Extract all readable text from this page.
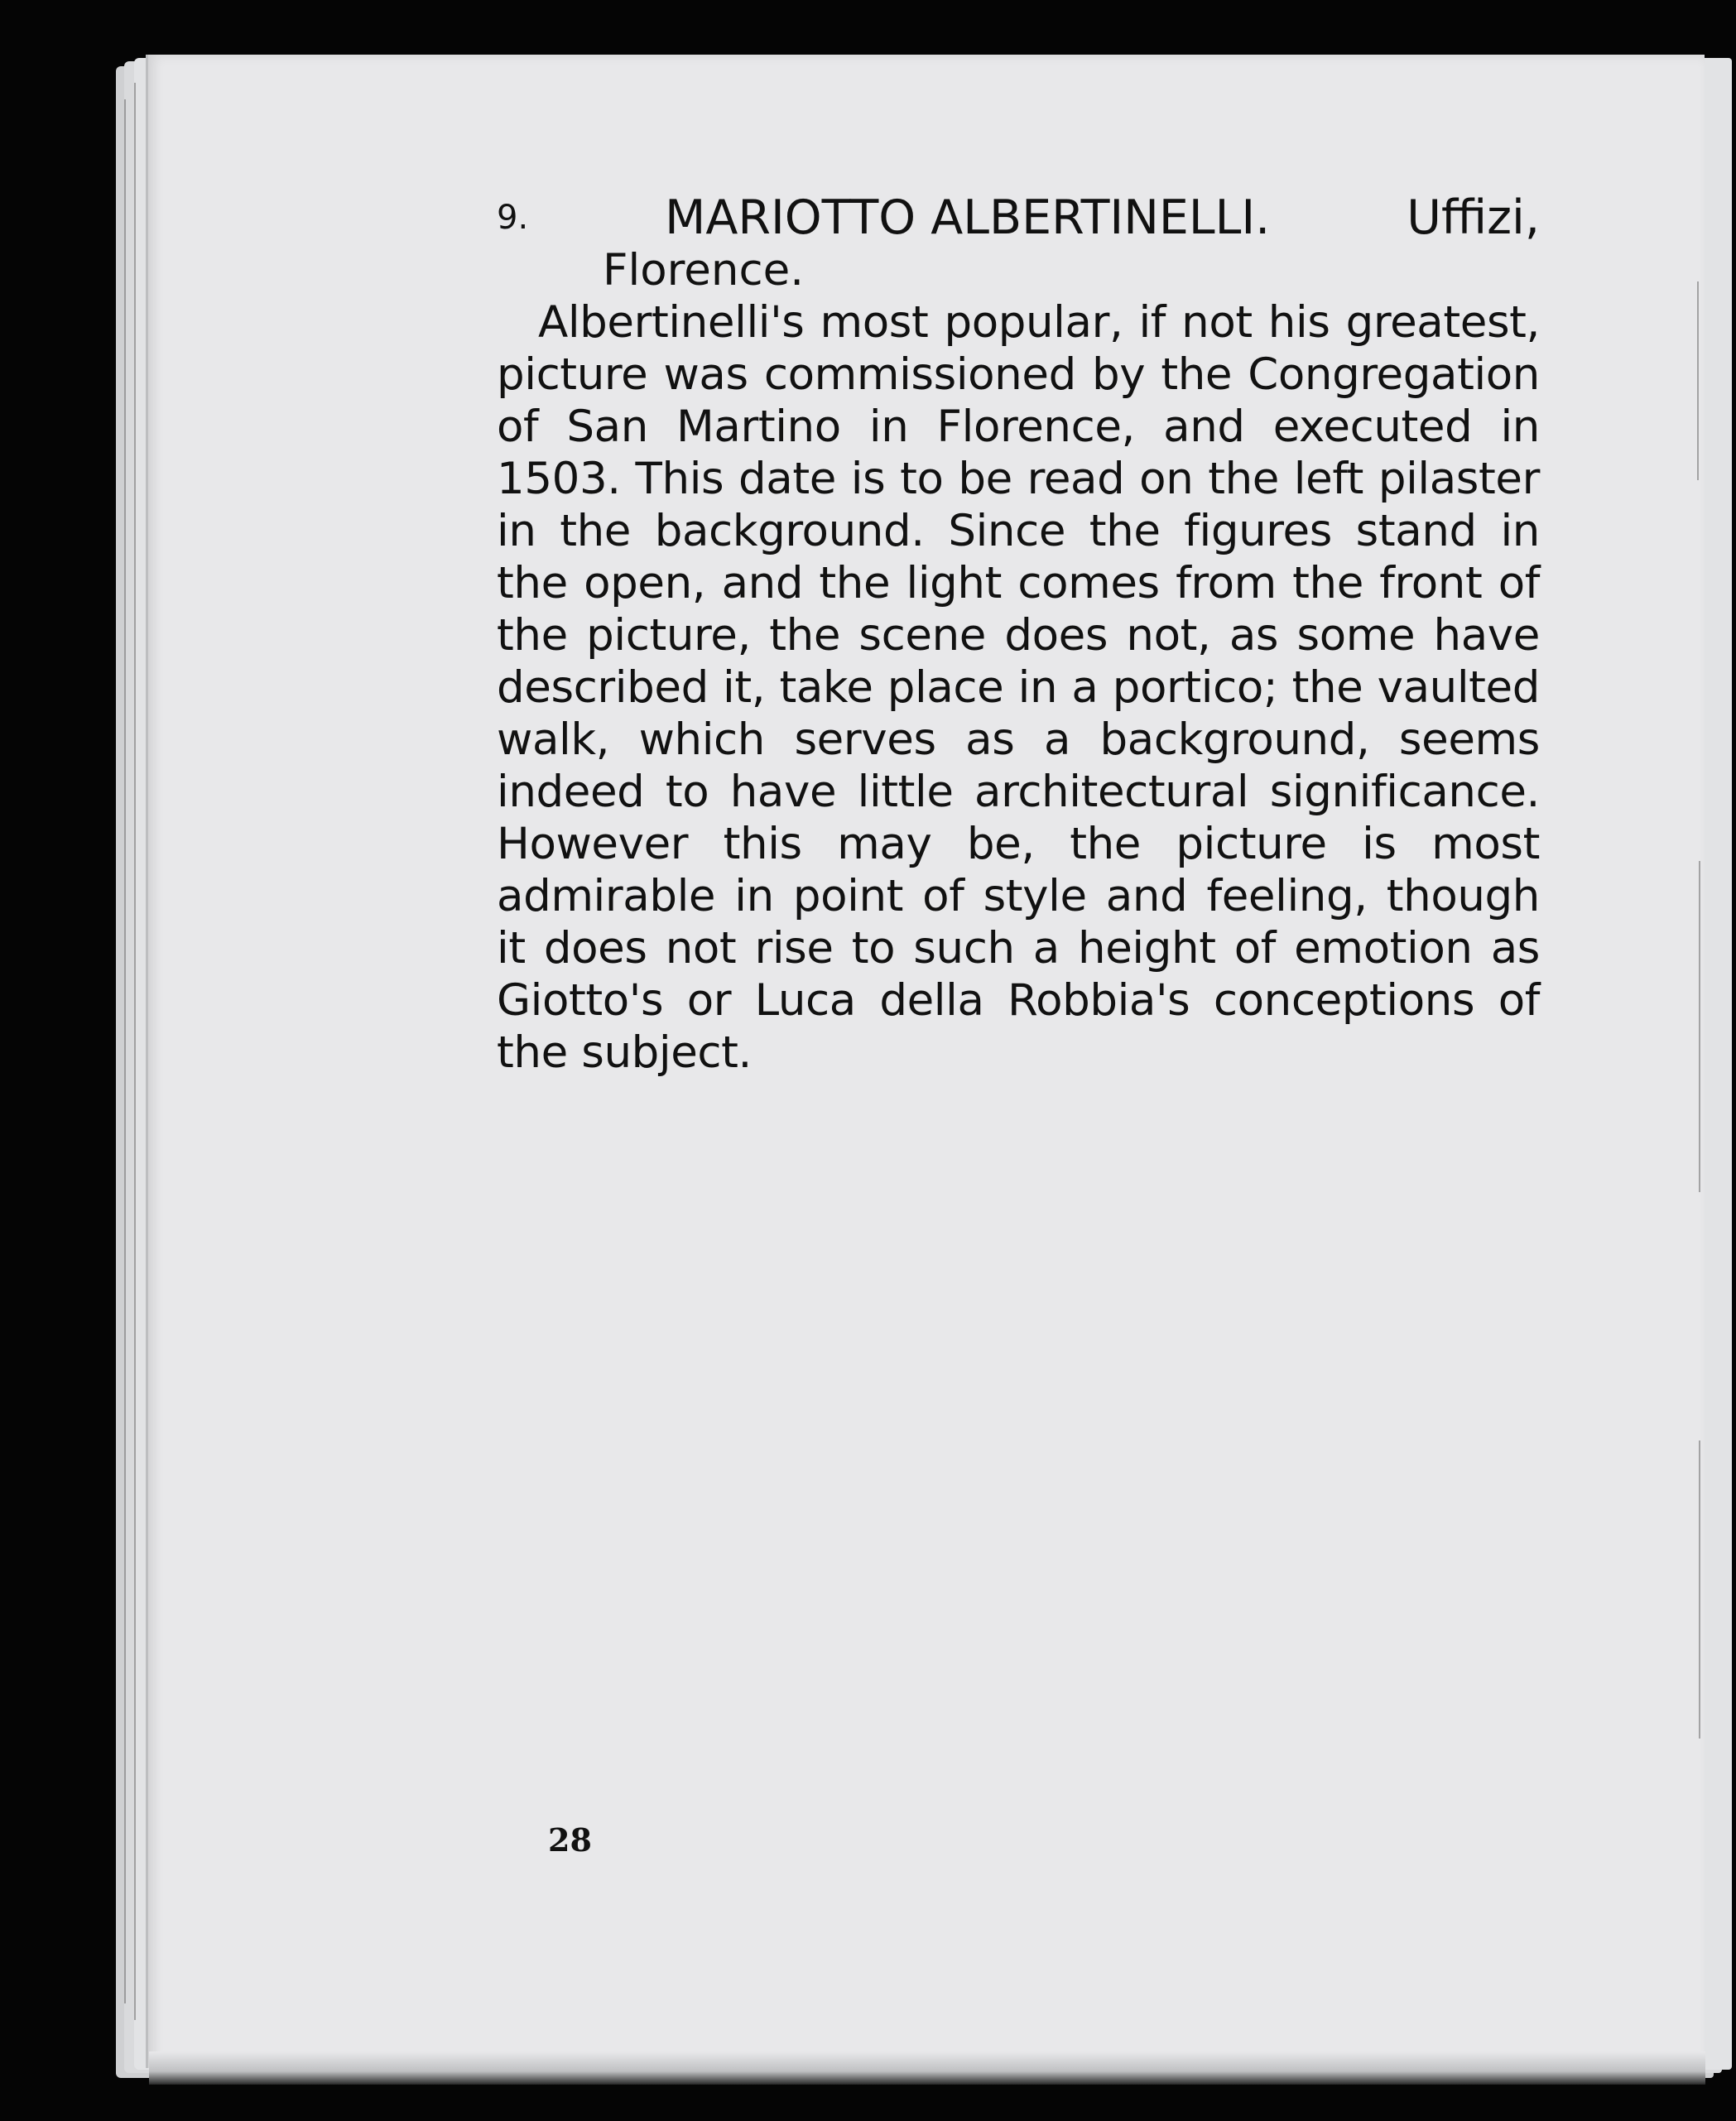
9.	MARIOTTO ALBERTINELLI.	Uffizi,

Florence.

Albertinelli's most popular, if not his greatest, picture was commissioned by the Congregation of San Martino in Florence, and executed in 1503. This date is to be read on the left pilaster in the background. Since the figures stand in the open, and the light comes from the front of the picture, the scene does not, as some have described it, take place in a portico; the vaulted walk, which serves as a background, seems indeed to have little architectural significance. However this may be, the picture is most admirable in point of style and feeling, though it does not rise to such a height of emotion as Giotto's or Luca della Robbia's conceptions of the subject.

28
